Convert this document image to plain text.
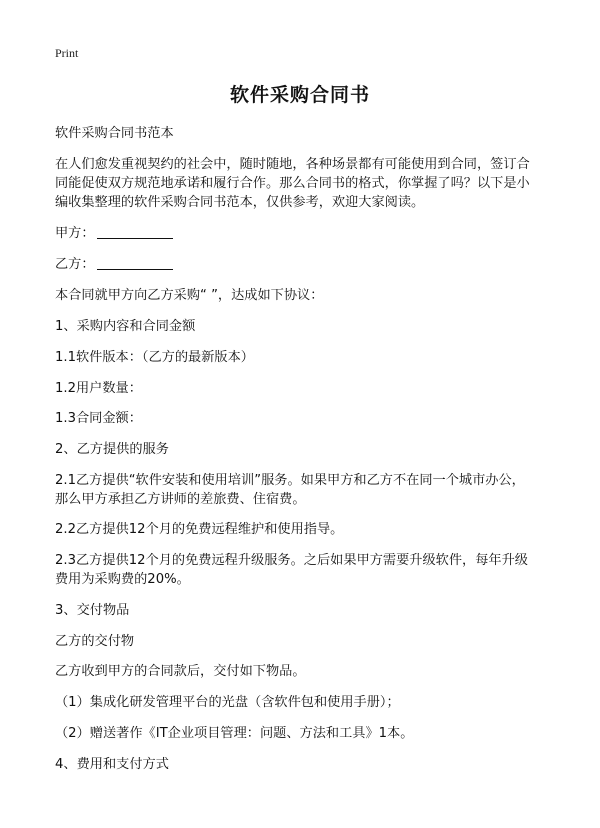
Print
软件采购合同书
软件采购合同书范本
在人们愈发重视契约的社会中，随时随地，各种场景都有可能使用到合同，签订合
同能促使双方规范地承诺和履行合作。那么合同书的格式，你掌握了吗？以下是小
编收集整理的软件采购合同书范本，仅供参考，欢迎大家阅读。
甲方：
乙方：
本合同就甲方向乙方采购“ ”，达成如下协议：
1、采购内容和合同金额
1.1软件版本：（乙方的最新版本）
1.2用户数量：
1.3合同金额：
2、乙方提供的服务
2.1乙方提供“软件安装和使用培训”服务。如果甲方和乙方不在同一个城市办公，
那么甲方承担乙方讲师的差旅费、住宿费。
2.2乙方提供12个月的免费远程维护和使用指导。
2.3乙方提供12个月的免费远程升级服务。之后如果甲方需要升级软件，每年升级
费用为采购费的20%。
3、交付物品
乙方的交付物
乙方收到甲方的合同款后，交付如下物品。
（1）集成化研发管理平台的光盘（含软件包和使用手册）；
（2）赠送著作《IT企业项目管理：问题、方法和工具》1本。
4、费用和支付方式
